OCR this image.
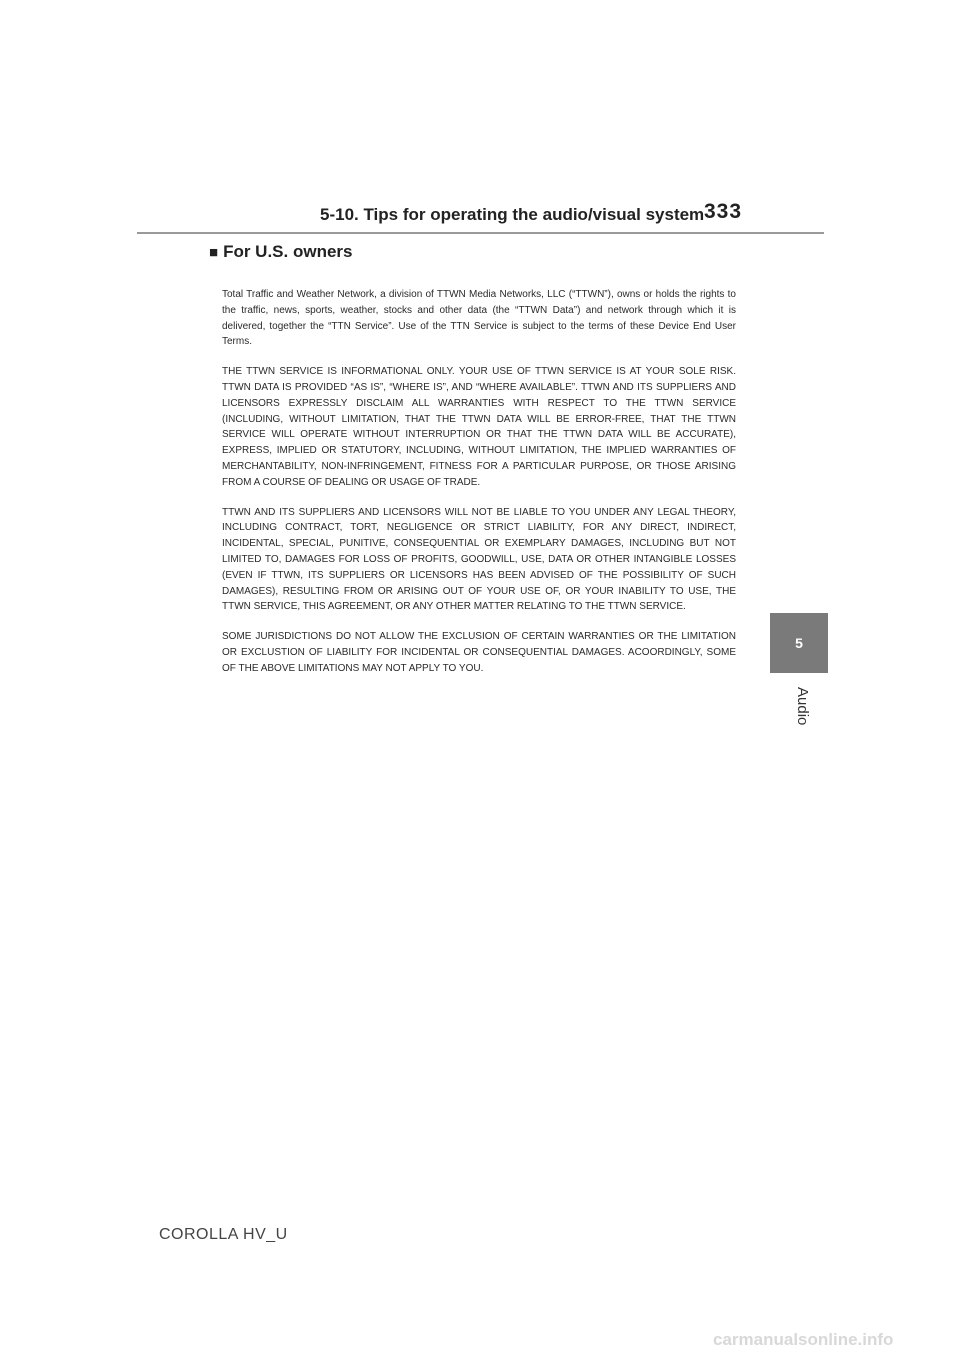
5-10. Tips for operating the audio/visual system 333
■ For U.S. owners

Total Traffic and Weather Network, a division of TTWN Media Networks, LLC (“TTWN”), owns or holds the rights to the traffic, news, sports, weather, stocks and other data (the “TTWN Data”) and network through which it is delivered, together the “TTN Service”. Use of the TTN Service is subject to the terms of these Device End User Terms.

THE TTWN SERVICE IS INFORMATIONAL ONLY. YOUR USE OF TTWN SERVICE IS AT YOUR SOLE RISK. TTWN DATA IS PROVIDED “AS IS”, “WHERE IS”, AND “WHERE AVAILABLE”. TTWN AND ITS SUPPLIERS AND LICENSORS EXPRESSLY DISCLAIM ALL WARRANTIES WITH RESPECT TO THE TTWN SERVICE (INCLUDING, WITHOUT LIMITATION, THAT THE TTWN DATA WILL BE ERROR-FREE, THAT THE TTWN SERVICE WILL OPERATE WITHOUT INTERRUPTION OR THAT THE TTWN DATA WILL BE ACCURATE), EXPRESS, IMPLIED OR STATUTORY, INCLUDING, WITHOUT LIMITATION, THE IMPLIED WARRANTIES OF MERCHANTABILITY, NON-INFRINGEMENT, FITNESS FOR A PARTICULAR PURPOSE, OR THOSE ARISING FROM A COURSE OF DEALING OR USAGE OF TRADE.

TTWN AND ITS SUPPLIERS AND LICENSORS WILL NOT BE LIABLE TO YOU UNDER ANY LEGAL THEORY, INCLUDING CONTRACT, TORT, NEGLIGENCE OR STRICT LIABILITY, FOR ANY DIRECT, INDIRECT, INCIDENTAL, SPECIAL, PUNITIVE, CONSEQUENTIAL OR EXEMPLARY DAMAGES, INCLUDING BUT NOT LIMITED TO, DAMAGES FOR LOSS OF PROFITS, GOODWILL, USE, DATA OR OTHER INTANGIBLE LOSSES (EVEN IF TTWN, ITS SUPPLIERS OR LICENSORS HAS BEEN ADVISED OF THE POSSIBILITY OF SUCH DAMAGES), RESULTING FROM OR ARISING OUT OF YOUR USE OF, OR YOUR INABILITY TO USE, THE TTWN SERVICE, THIS AGREEMENT, OR ANY OTHER MATTER RELATING TO THE TTWN SERVICE.

SOME JURISDICTIONS DO NOT ALLOW THE EXCLUSION OF CERTAIN WARRANTIES OR THE LIMITATION OR EXCLUSTION OF LIABILITY FOR INCIDENTAL OR CONSEQUENTIAL DAMAGES. ACOORDINGLY, SOME OF THE ABOVE LIMITATIONS MAY NOT APPLY TO YOU.

5
Audio
COROLLA HV_U
carmanualsonline.info
